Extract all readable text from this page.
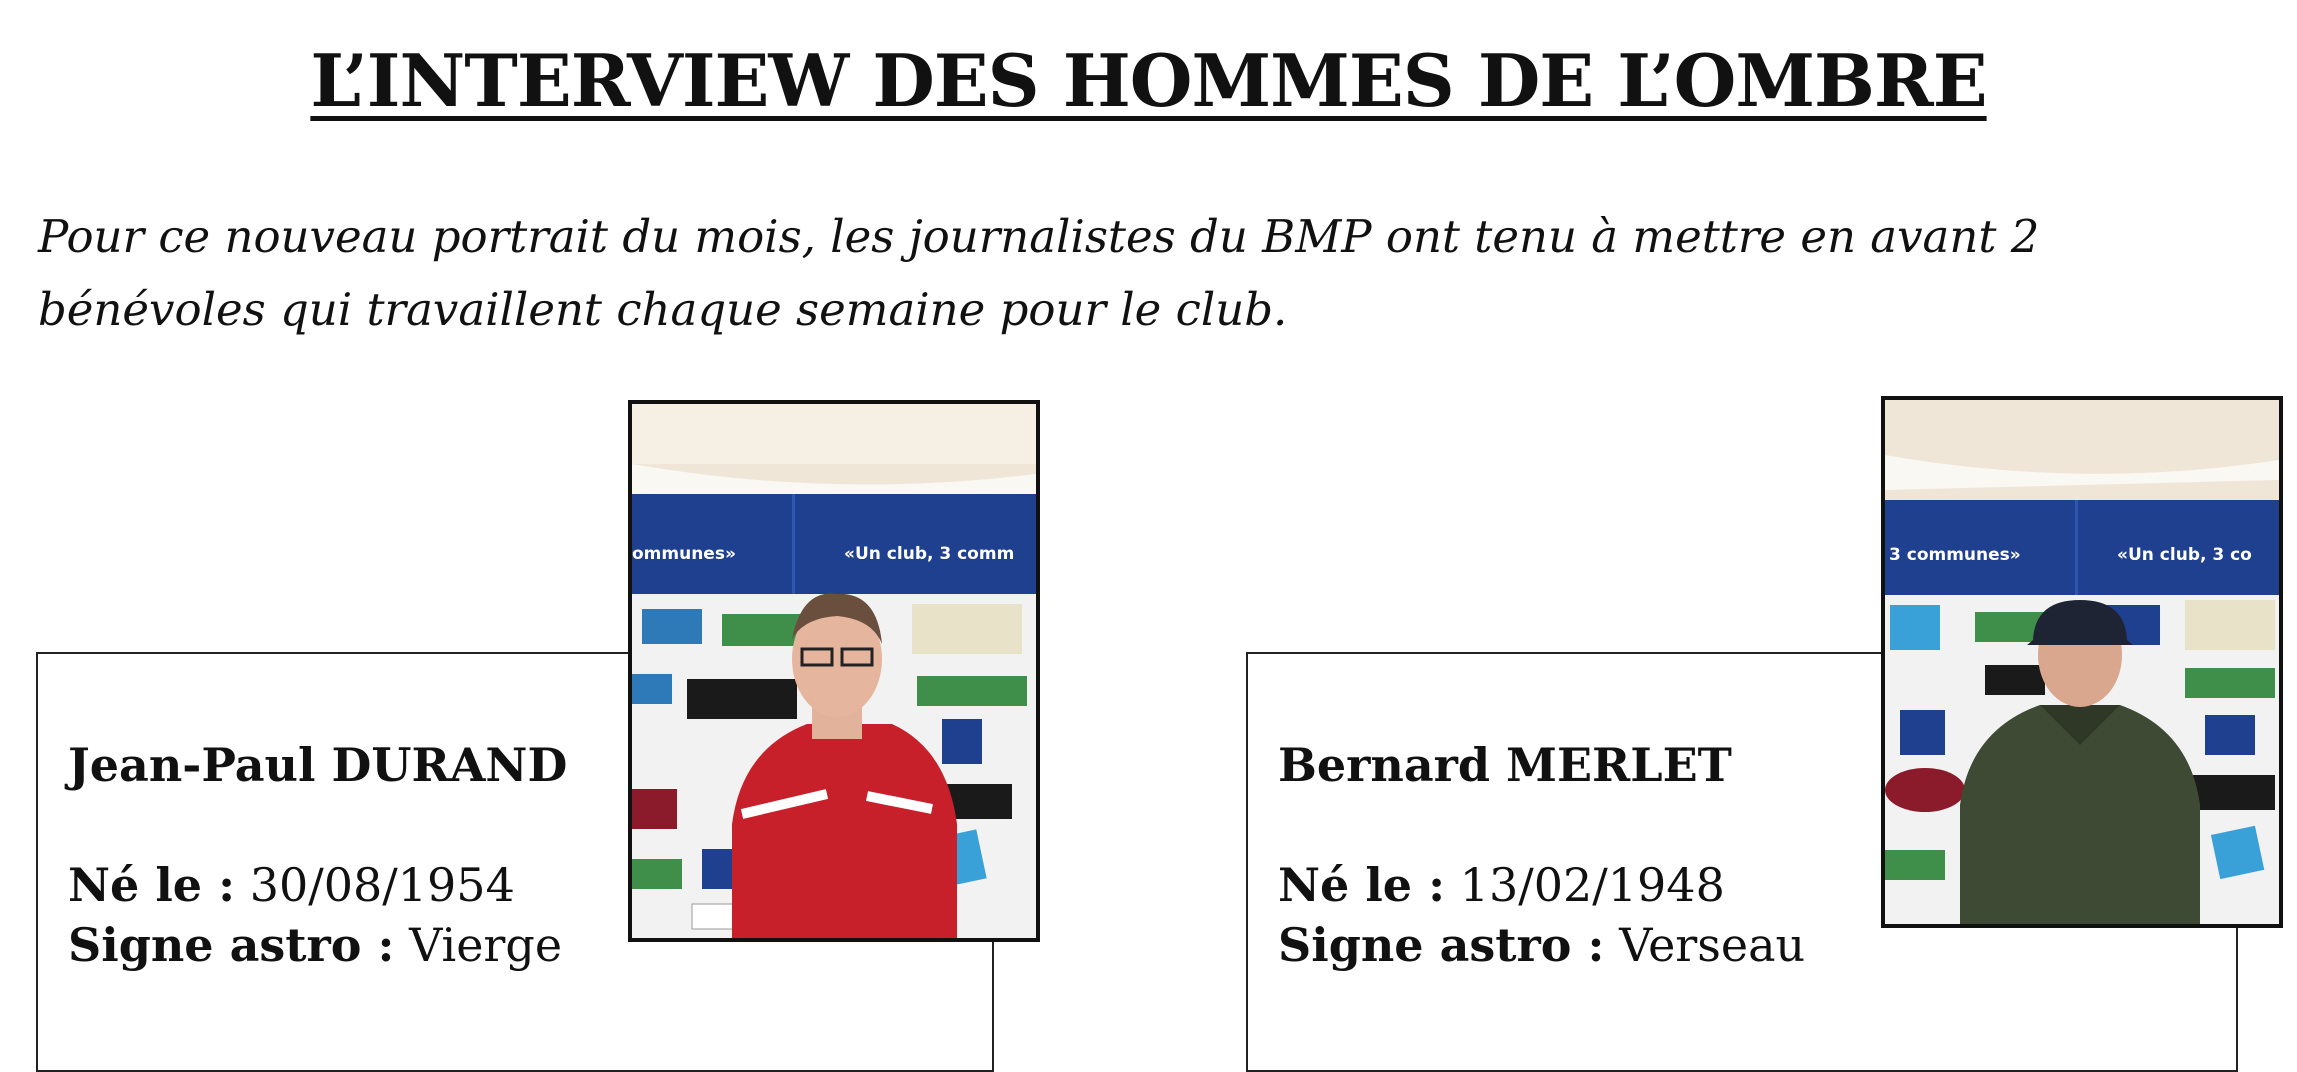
L’INTERVIEW DES HOMMES DE L’OMBRE

Pour ce nouveau portrait du mois, les journalistes du BMP ont tenu à mettre en avant 2 bénévoles qui travaillent chaque semaine pour le club.

Jean-Paul DURAND

Né le : 30/08/1954

Signe astro : Vierge

ommunes»	«Un club, 3 comm

Bernard MERLET

Né le : 13/02/1948

Signe astro : Verseau

3 communes»	«Un club, 3 co
